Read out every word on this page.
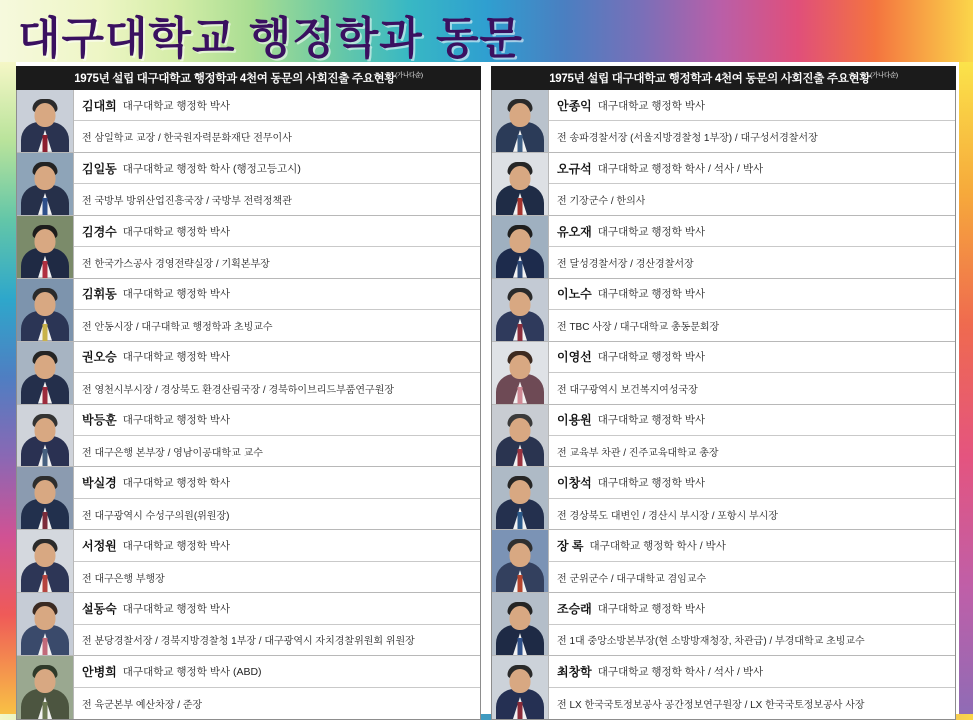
대구대학교 행정학과 동문
1975년 설립 대구대학교 행정학과 4천여 동문의 사회진출 주요현황$^{(가나다순)}$
김대희 대구대학교 행정학 박사
전 삼일학교 교장 / 한국원자력문화재단 전무이사
김일동 대구대학교 행정학 학사 (행정고등고시)
전 국방부 방위산업진흥국장 / 국방부 전력정책관
김경수 대구대학교 행정학 박사
전 한국가스공사 경영전략실장 / 기획본부장
김휘동 대구대학교 행정학 박사
전 안동시장 / 대구대학교 행정학과 초빙교수
권오승 대구대학교 행정학 박사
전 영천시부시장 / 경상북도 환경산림국장 / 경북하이브리드부품연구원장
박등훈 대구대학교 행정학 박사
전 대구은행 본부장 / 영남이공대학교 교수
박실경 대구대학교 행정학 학사
전 대구광역시 수성구의원(위원장)
서정원 대구대학교 행정학 박사
전 대구은행 부행장
설동숙 대구대학교 행정학 박사
전 분당경찰서장 / 경북지방경찰청 1부장 / 대구광역시 자치경찰위원회 위원장
안병희 대구대학교 행정학 박사 (ABD)
전 육군본부 예산차장 / 준장
1975년 설립 대구대학교 행정학과 4천여 동문의 사회진출 주요현황$^{(가나다순)}$
안종익 대구대학교 행정학 박사
전 송파경찰서장 (서울지방경찰청 1부장) / 대구성서경찰서장
오규석 대구대학교 행정학 학사 / 석사 / 박사
전 기장군수 / 한의사
유오재 대구대학교 행정학 박사
전 달성경찰서장 / 경산경찰서장
이노수 대구대학교 행정학 박사
전 TBC 사장 / 대구대학교 총동문회장
이영선 대구대학교 행정학 박사
전 대구광역시 보건복지여성국장
이용원 대구대학교 행정학 박사
전 교육부 차관 / 진주교육대학교 총장
이창석 대구대학교 행정학 박사
전 경상북도 대변인 / 경산시 부시장 / 포항시 부시장
장 록 대구대학교 행정학 학사 / 박사
전 군위군수 / 대구대학교 겸임교수
조승래 대구대학교 행정학 박사
전 1대 중앙소방본부장(현 소방방재청장, 차관급) / 부경대학교 초빙교수
최창학 대구대학교 행정학 학사 / 석사 / 박사
전 LX 한국국토정보공사 공간정보연구원장 / LX 한국국토정보공사 사장
